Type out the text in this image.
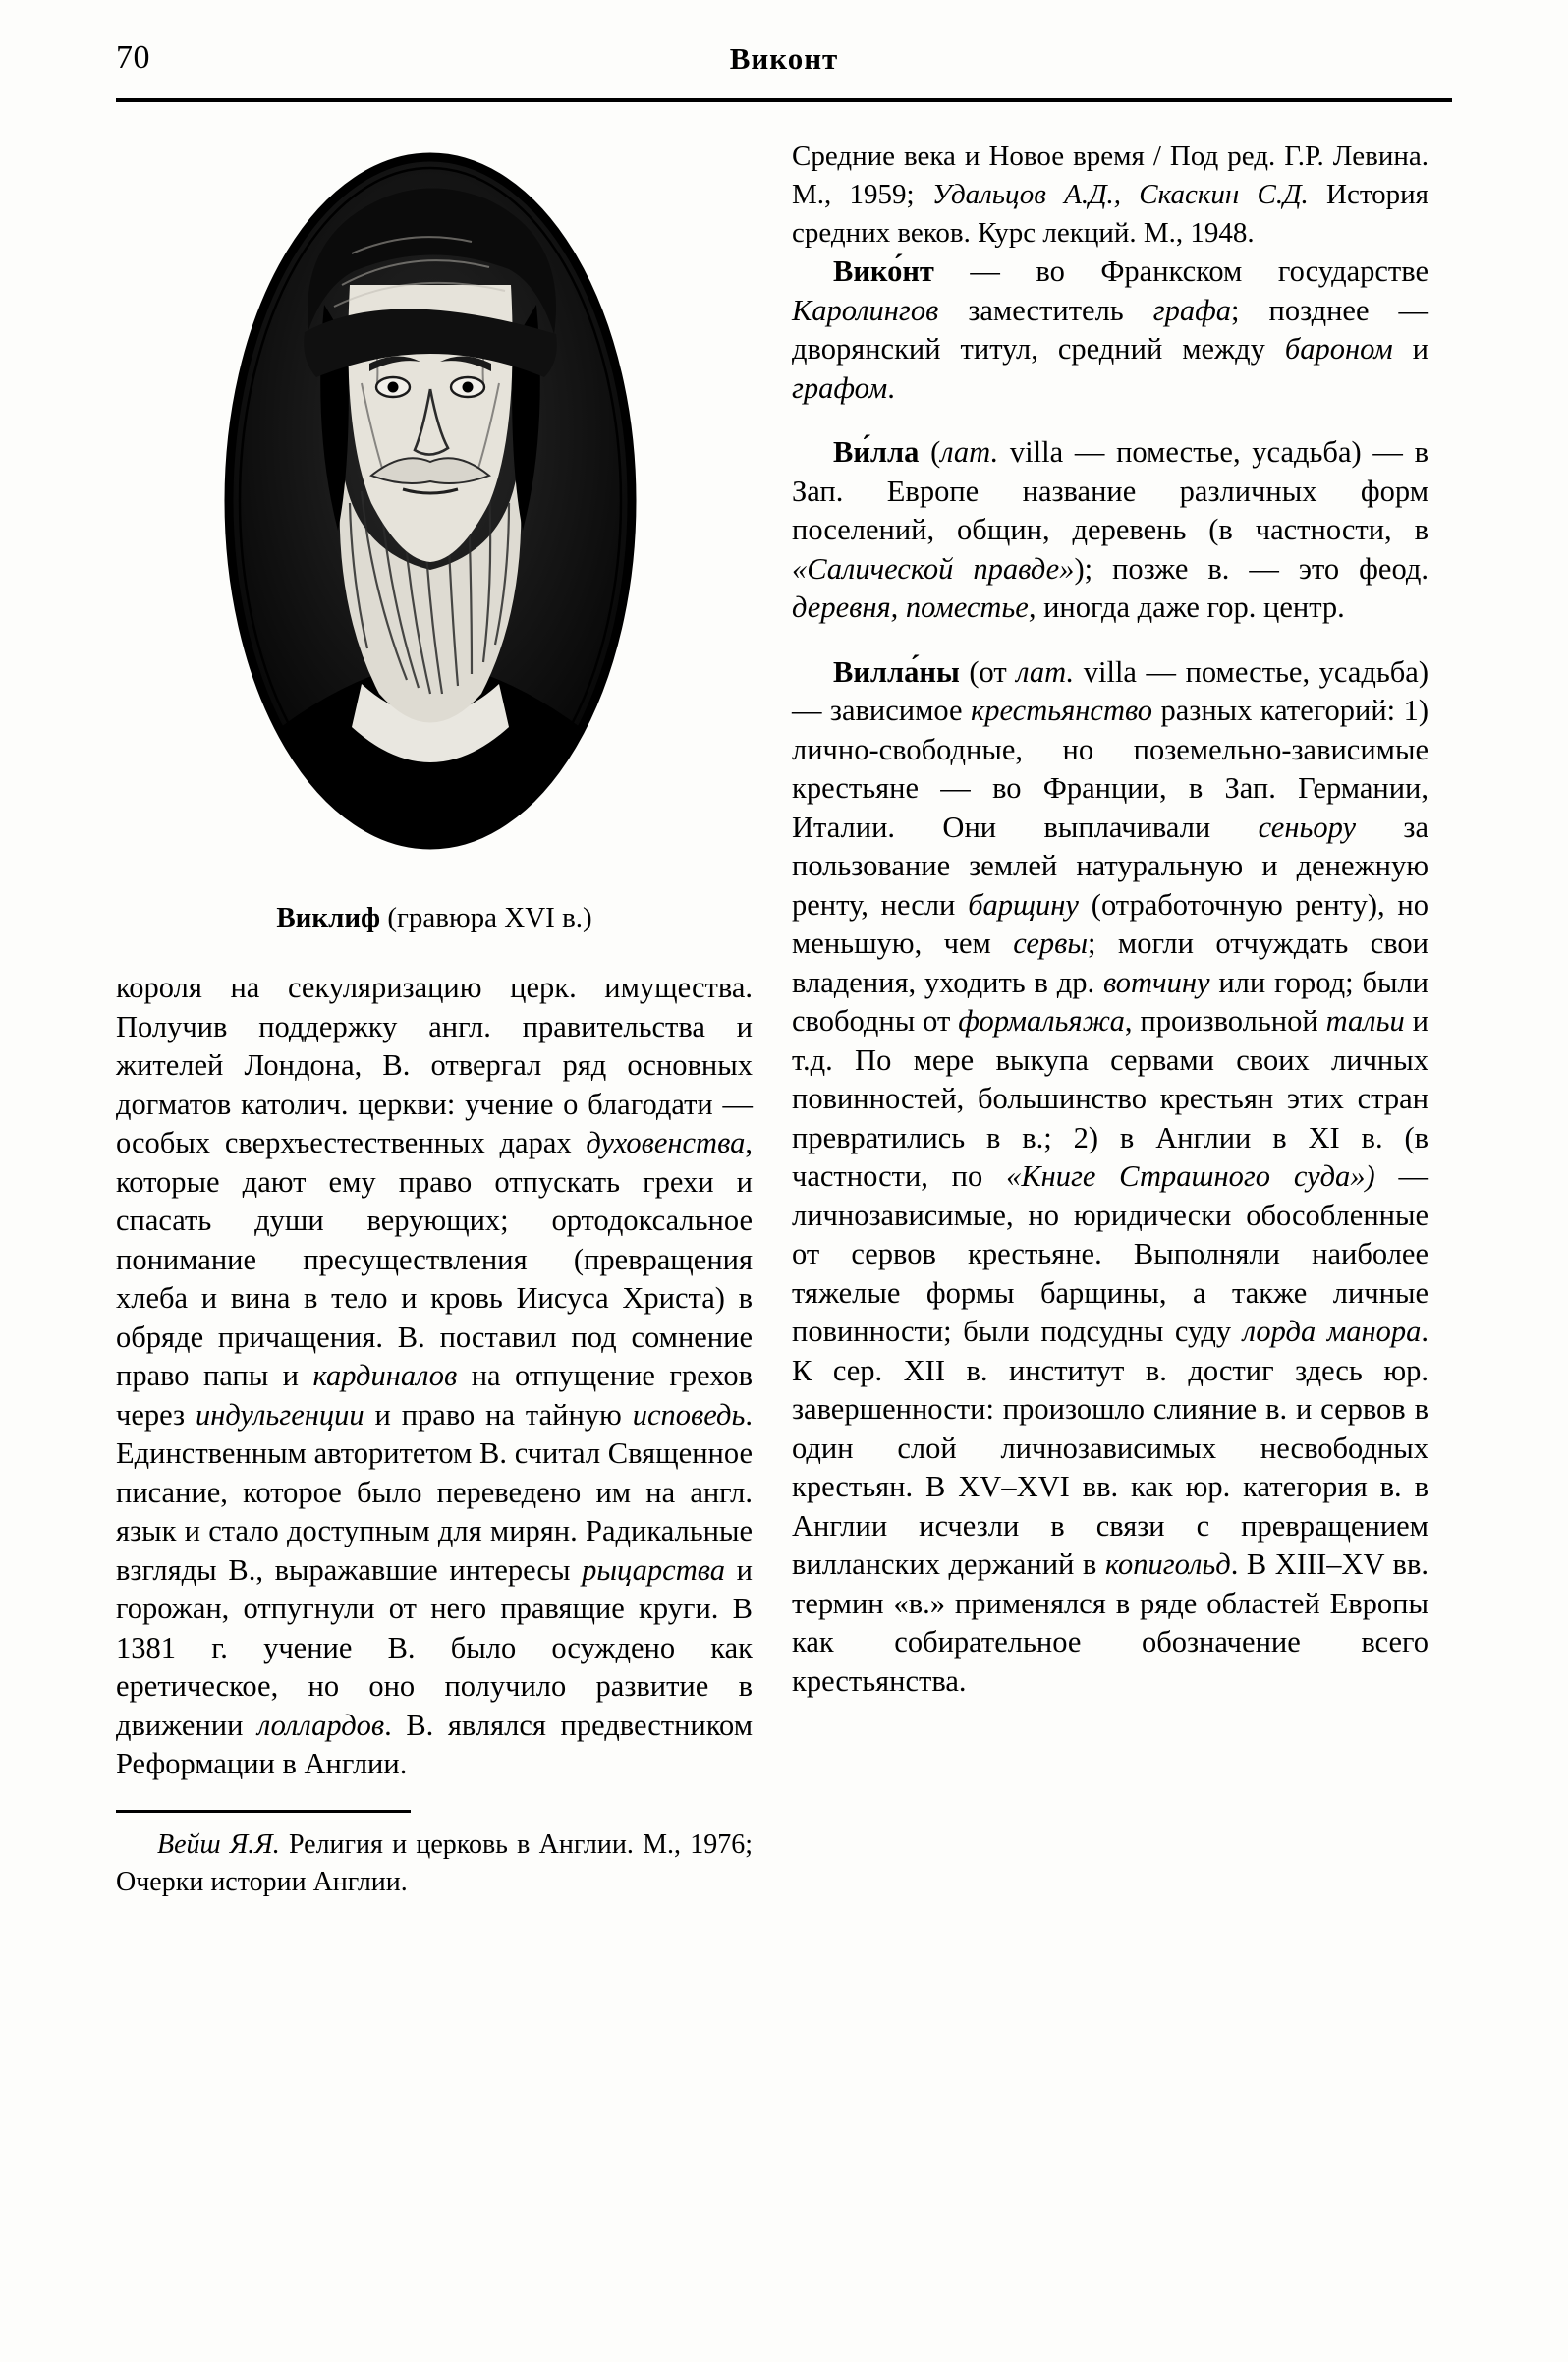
70	Виконт
Виклиф (гравюра XVI в.)

короля на секуляризацию церк. имущества. Получив поддержку англ. правительства и жителей Лондона, В. отвергал ряд основных догматов католич. церкви: учение о благодати — особых сверхъестественных дарах духовенства, которые дают ему право отпускать грехи и спасать души верующих; ортодоксальное понимание пресуществления (превращения хлеба и вина в тело и кровь Иисуса Христа) в обряде причащения. В. поставил под сомнение право папы и кардиналов на отпущение грехов через индульгенции и право на тайную исповедь. Единственным авторитетом В. считал Священное писание, которое было переведено им на англ. язык и стало доступным для мирян. Радикальные взгляды В., выражавшие интересы рыцарства и горожан, отпугнули от него правящие круги. В 1381 г. учение В. было осуждено как еретическое, но оно получило развитие в движении лоллардов. В. являлся предвестником Реформации в Англии.

Вейш Я.Я. Религия и церковь в Англии. М., 1976; Очерки истории Англии.

Средние века и Новое время / Под ред. Г.Р. Левина. М., 1959; Удальцов А.Д., Скаскин С.Д. История средних веков. Курс лекций. М., 1948.

Вико́нт — во Франкском государстве Каролингов заместитель графа; позднее — дворянский титул, средний между бароном и графом.

Ви́лла (лат. villa — поместье, усадьба) — в Зап. Европе название различных форм поселений, общин, деревень (в частности, в «Салической правде»); позже в. — это феод. деревня, поместье, иногда даже гор. центр.

Вилла́ны (от лат. villa — поместье, усадьба) — зависимое крестьянство разных категорий: 1) лично-свободные, но поземельно-зависимые крестьяне — во Франции, в Зап. Германии, Италии. Они выплачивали сеньору за пользование землей натуральную и денежную ренту, несли барщину (отработочную ренту), но меньшую, чем сервы; могли отчуждать свои владения, уходить в др. вотчину или город; были свободны от формальяжа, произвольной тальи и т.д. По мере выкупа сервами своих личных повинностей, большинство крестьян этих стран превратились в в.; 2) в Англии в XI в. (в частности, по «Книге Страшного суда») — личнозависимые, но юридически обособленные от сервов крестьяне. Выполняли наиболее тяжелые формы барщины, а также личные повинности; были подсудны суду лорда манора. К сер. XII в. институт в. достиг здесь юр. завершенности: произошло слияние в. и сервов в один слой личнозависимых несвободных крестьян. В XV–XVI вв. как юр. категория в. в Англии исчезли в связи с превращением вилланских держаний в копигольд. В XIII–XV вв. термин «в.» применялся в ряде областей Европы как собирательное обозначение всего крестьянства.
